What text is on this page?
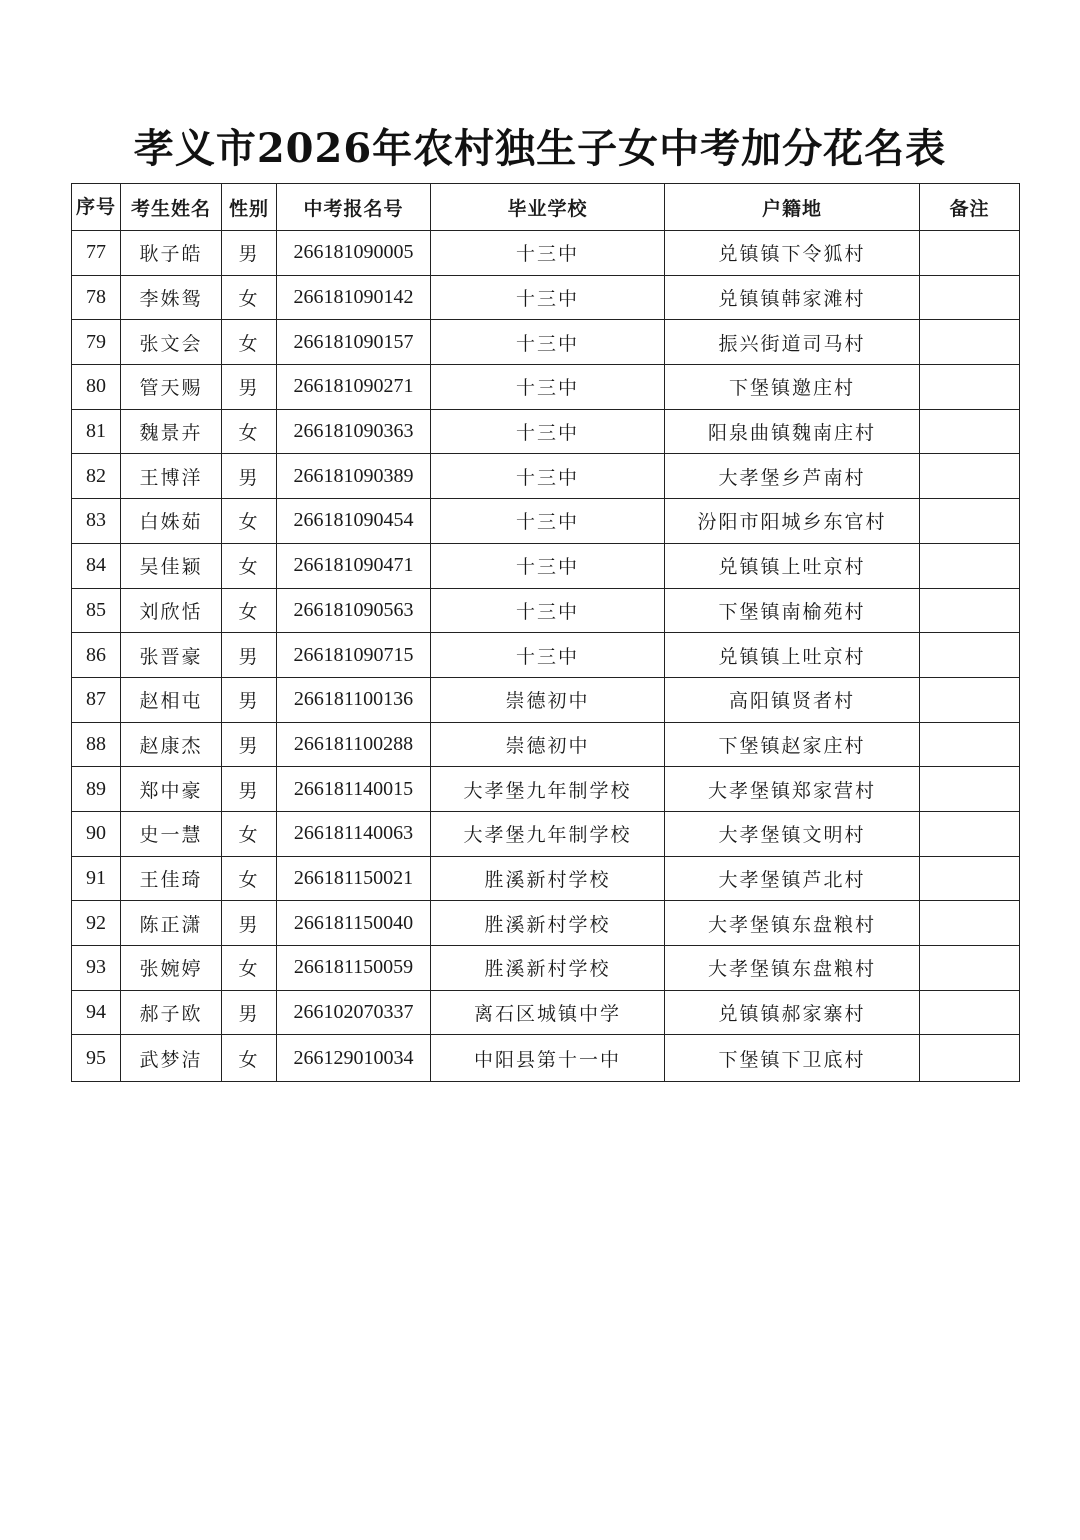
孝义市2026年农村独生子女中考加分花名表
序号	考生姓名	性别	中考报名号	毕业学校	户籍地	备注
77	耿子皓	男	266181090005	十三中	兑镇镇下令狐村	
78	李姝鸳	女	266181090142	十三中	兑镇镇韩家滩村	
79	张文会	女	266181090157	十三中	振兴街道司马村	
80	管天赐	男	266181090271	十三中	下堡镇邀庄村	
81	魏景卉	女	266181090363	十三中	阳泉曲镇魏南庄村	
82	王博洋	男	266181090389	十三中	大孝堡乡芦南村	
83	白姝茹	女	266181090454	十三中	汾阳市阳城乡东官村	
84	吴佳颖	女	266181090471	十三中	兑镇镇上吐京村	
85	刘欣恬	女	266181090563	十三中	下堡镇南榆苑村	
86	张晋豪	男	266181090715	十三中	兑镇镇上吐京村	
87	赵相屯	男	266181100136	崇德初中	高阳镇贤者村	
88	赵康杰	男	266181100288	崇德初中	下堡镇赵家庄村	
89	郑中豪	男	266181140015	大孝堡九年制学校	大孝堡镇郑家营村	
90	史一慧	女	266181140063	大孝堡九年制学校	大孝堡镇文明村	
91	王佳琦	女	266181150021	胜溪新村学校	大孝堡镇芦北村	
92	陈正潇	男	266181150040	胜溪新村学校	大孝堡镇东盘粮村	
93	张婉婷	女	266181150059	胜溪新村学校	大孝堡镇东盘粮村	
94	郝子欧	男	266102070337	离石区城镇中学	兑镇镇郝家寨村	
95	武梦洁	女	266129010034	中阳县第十一中	下堡镇下卫底村	
